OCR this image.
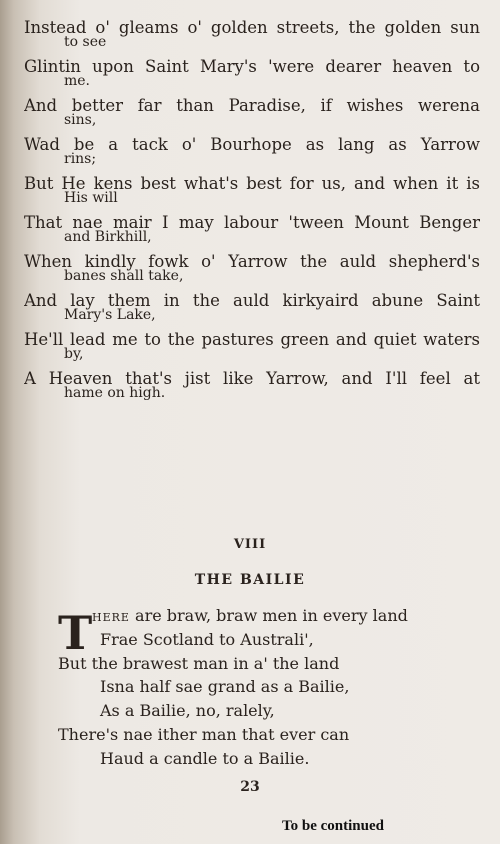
Instead o' gleams o' golden streets, the golden sun
to see
Glintin upon Saint Mary's 'were dearer heaven to
me.
And better far than Paradise, if wishes werena
sins,
Wad be a tack o' Bourhope as lang as Yarrow
rins;
But He kens best what's best for us, and when it is
His will
That nae mair I may labour 'tween Mount Benger
and Birkhill,
When kindly fowk o' Yarrow the auld shepherd's
banes shall take,
And lay them in the auld kirkyaird abune Saint
Mary's Lake,
He'll lead me to the pastures green and quiet waters
by,
A Heaven that's jist like Yarrow, and I'll feel at
hame on high.
VIII
THE BAILIE
T here are braw, braw men in every land
Frae Scotland to Australi',
But the brawest man in a' the land
Isna half sae grand as a Bailie,
As a Bailie, no, ralely,
There's nae ither man that ever can
Haud a candle to a Bailie.
23
To be continued
